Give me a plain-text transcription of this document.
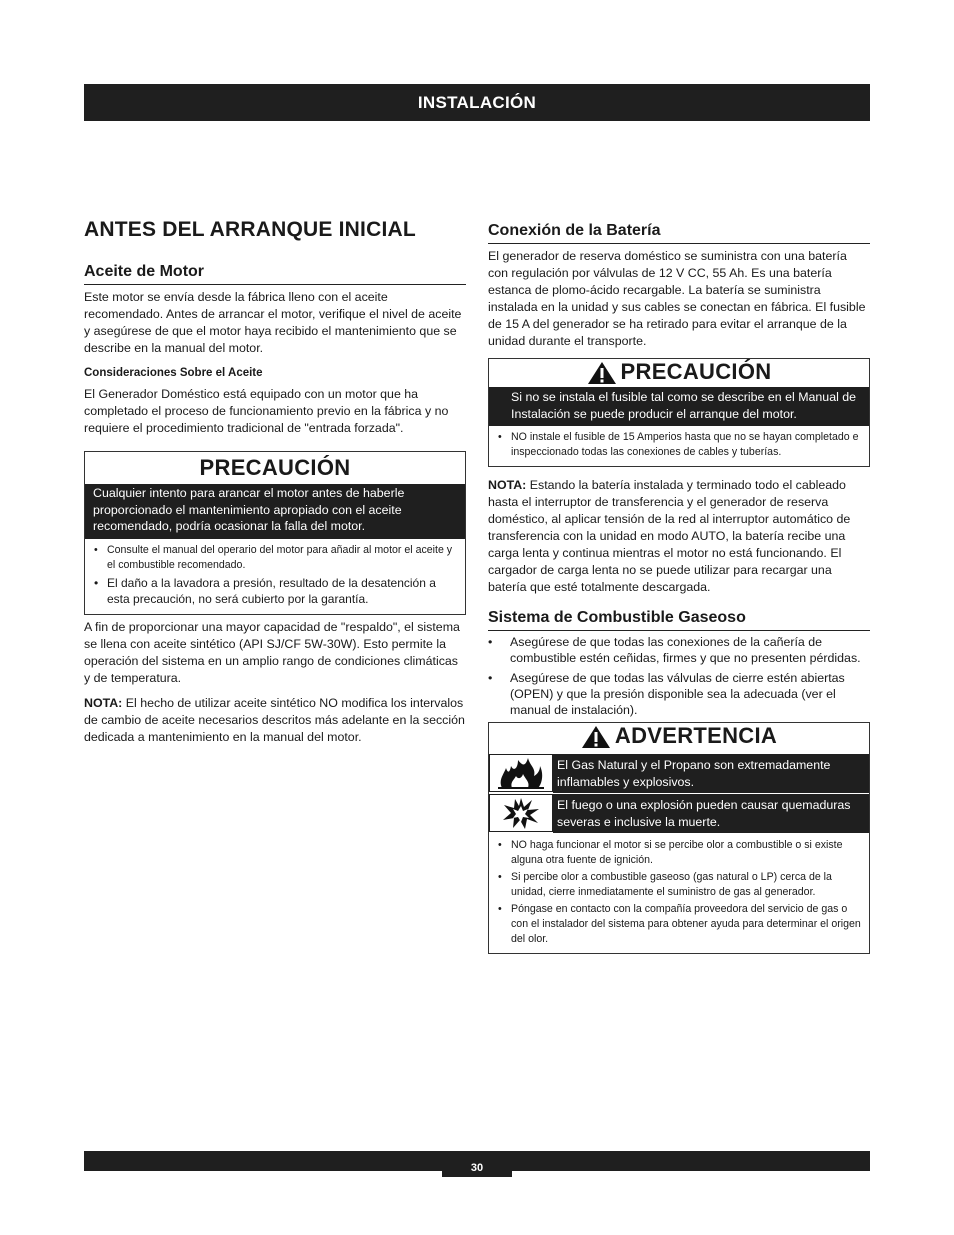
INSTALACIÓN
ANTES DEL ARRANQUE INICIAL
Aceite de Motor

Este motor se envía desde la fábrica lleno con el aceite recomendado. Antes de arrancar el motor, verifique el nivel de aceite y asegúrese de que el motor haya recibido el mantenimiento que se describe en la manual del motor.

Consideraciones Sobre el Aceite

El Generador Doméstico está equipado con un motor que ha completado el proceso de funcionamiento previo en la fábrica y no requiere el procedimiento tradicional de "entrada forzada".

PRECAUCIÓN
Cualquier intento para arancar el motor antes de haberle proporcionado el mantenimiento apropiado con el aceite recomendado, podría ocasionar la falla del motor.
• Consulte el manual del operario del motor para añadir al motor el aceite y el combustible recomendado.
• El daño a la lavadora a presión, resultado de la desatención a esta precaución, no será cubierto por la garantía.

A fin de proporcionar una mayor capacidad de "respaldo", el sistema se llena con aceite sintético (API SJ/CF 5W-30W). Esto permite la operación del sistema en un amplio rango de condiciones climáticas y de temperatura.

NOTA: El hecho de utilizar aceite sintético NO modifica los intervalos de cambio de aceite necesarios descritos más adelante en la sección dedicada a mantenimiento en la manual del motor.

Conexión de la Batería

El generador de reserva doméstico se suministra con una batería con regulación por válvulas de 12 V CC, 55 Ah. Es una batería estanca de plomo-ácido recargable. La batería se suministra instalada en la unidad y sus cables se conectan en fábrica. El fusible de 15 A del generador se ha retirado para evitar el arranque de la unidad durante el transporte.

PRECAUCIÓN
Si no se instala el fusible tal como se describe en el Manual de Instalación se puede producir el arranque del motor.
• NO instale el fusible de 15 Amperios hasta que no se hayan completado e inspeccionado todas las conexiones de cables y tuberías.

NOTA: Estando la batería instalada y terminado todo el cableado hasta el interruptor de transferencia y el generador de reserva doméstico, al aplicar tensión de la red al interruptor automático de transferencia con la unidad en modo AUTO, la batería recibe una carga lenta y continua mientras el motor no está funcionando. El cargador de carga lenta no se puede utilizar para recargar una batería que esté totalmente descargada.

Sistema de Combustible Gaseoso
• Asegúrese de que todas las conexiones de la cañería de combustible estén ceñidas, firmes y que no presenten pérdidas.
• Asegúrese de que todas las válvulas de cierre estén abiertas (OPEN) y que la presión disponible sea la adecuada (ver el manual de instalación).
ADVERTENCIA
El Gas Natural y el Propano son extremadamente inflamables y explosivos.
El fuego o una explosión pueden causar quemaduras severas e inclusive la muerte.
• NO haga funcionar el motor si se percibe olor a combustible o si existe alguna otra fuente de ignición.
• Si percibe olor a combustible gaseoso (gas natural o LP) cerca de la unidad, cierre inmediatamente el suministro de gas al generador.
• Póngase en contacto con la compañía proveedora del servicio de gas o con el instalador del sistema para obtener ayuda para determinar el origen del olor.
30
